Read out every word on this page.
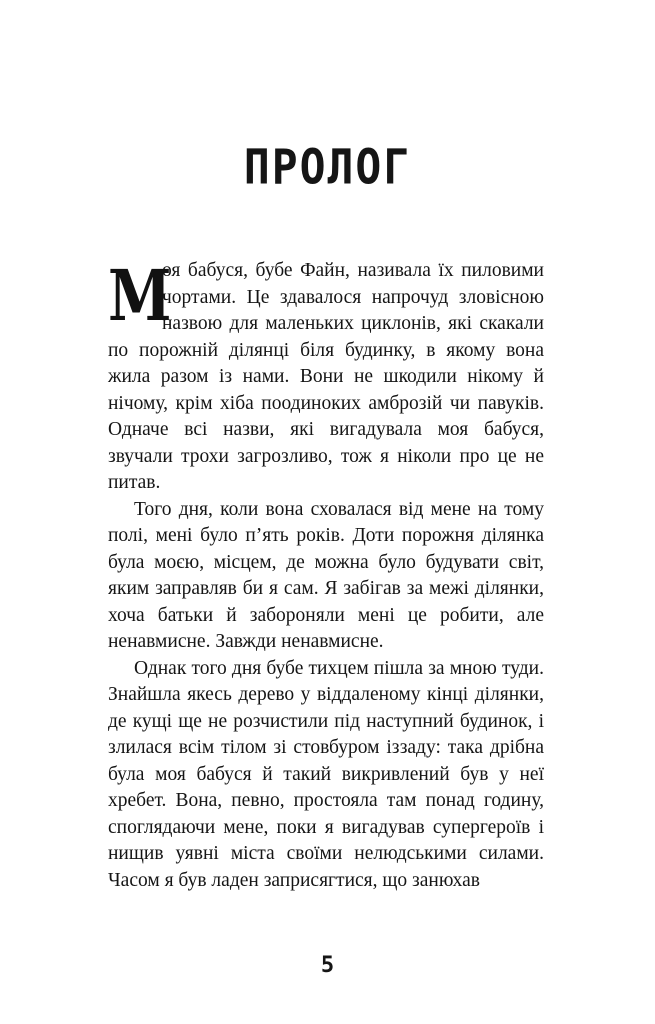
ПРОЛОГ

М
оя бабуся, бубе Файн, називала їх пиловими чортами. Це здавалося напрочуд зловісною назвою для маленьких циклонів, які скакали по порожній ділянці біля будинку, в якому вона жила разом із нами. Вони не шкодили нікому й нічому, крім хіба поодиноких амброзій чи павуків. Одначе всі назви, які вигадувала моя бабуся, звучали трохи загрозливо, тож я ніколи про це не питав.

Того дня, коли вона сховалася від мене на тому полі, мені було п’ять років. Доти порожня ділянка була моєю, місцем, де можна було будувати світ, яким заправляв би я сам. Я забігав за межі ділянки, хоча батьки й забороняли мені це робити, але ненавмисне. Завжди ненавмисне.

Однак того дня бубе тихцем пішла за мною туди. Знайшла якесь дерево у віддаленому кінці ділянки, де кущі ще не розчистили під наступний будинок, і злилася всім тілом зі стовбуром іззаду: така дрібна була моя бабуся й такий викривлений був у неї хребет. Вона, певно, простояла там понад годину, споглядаючи мене, поки я вигадував супергероїв і нищив уявні міста своїми нелюдськими силами. Часом я був ладен заприсягтися, що занюхав

5
